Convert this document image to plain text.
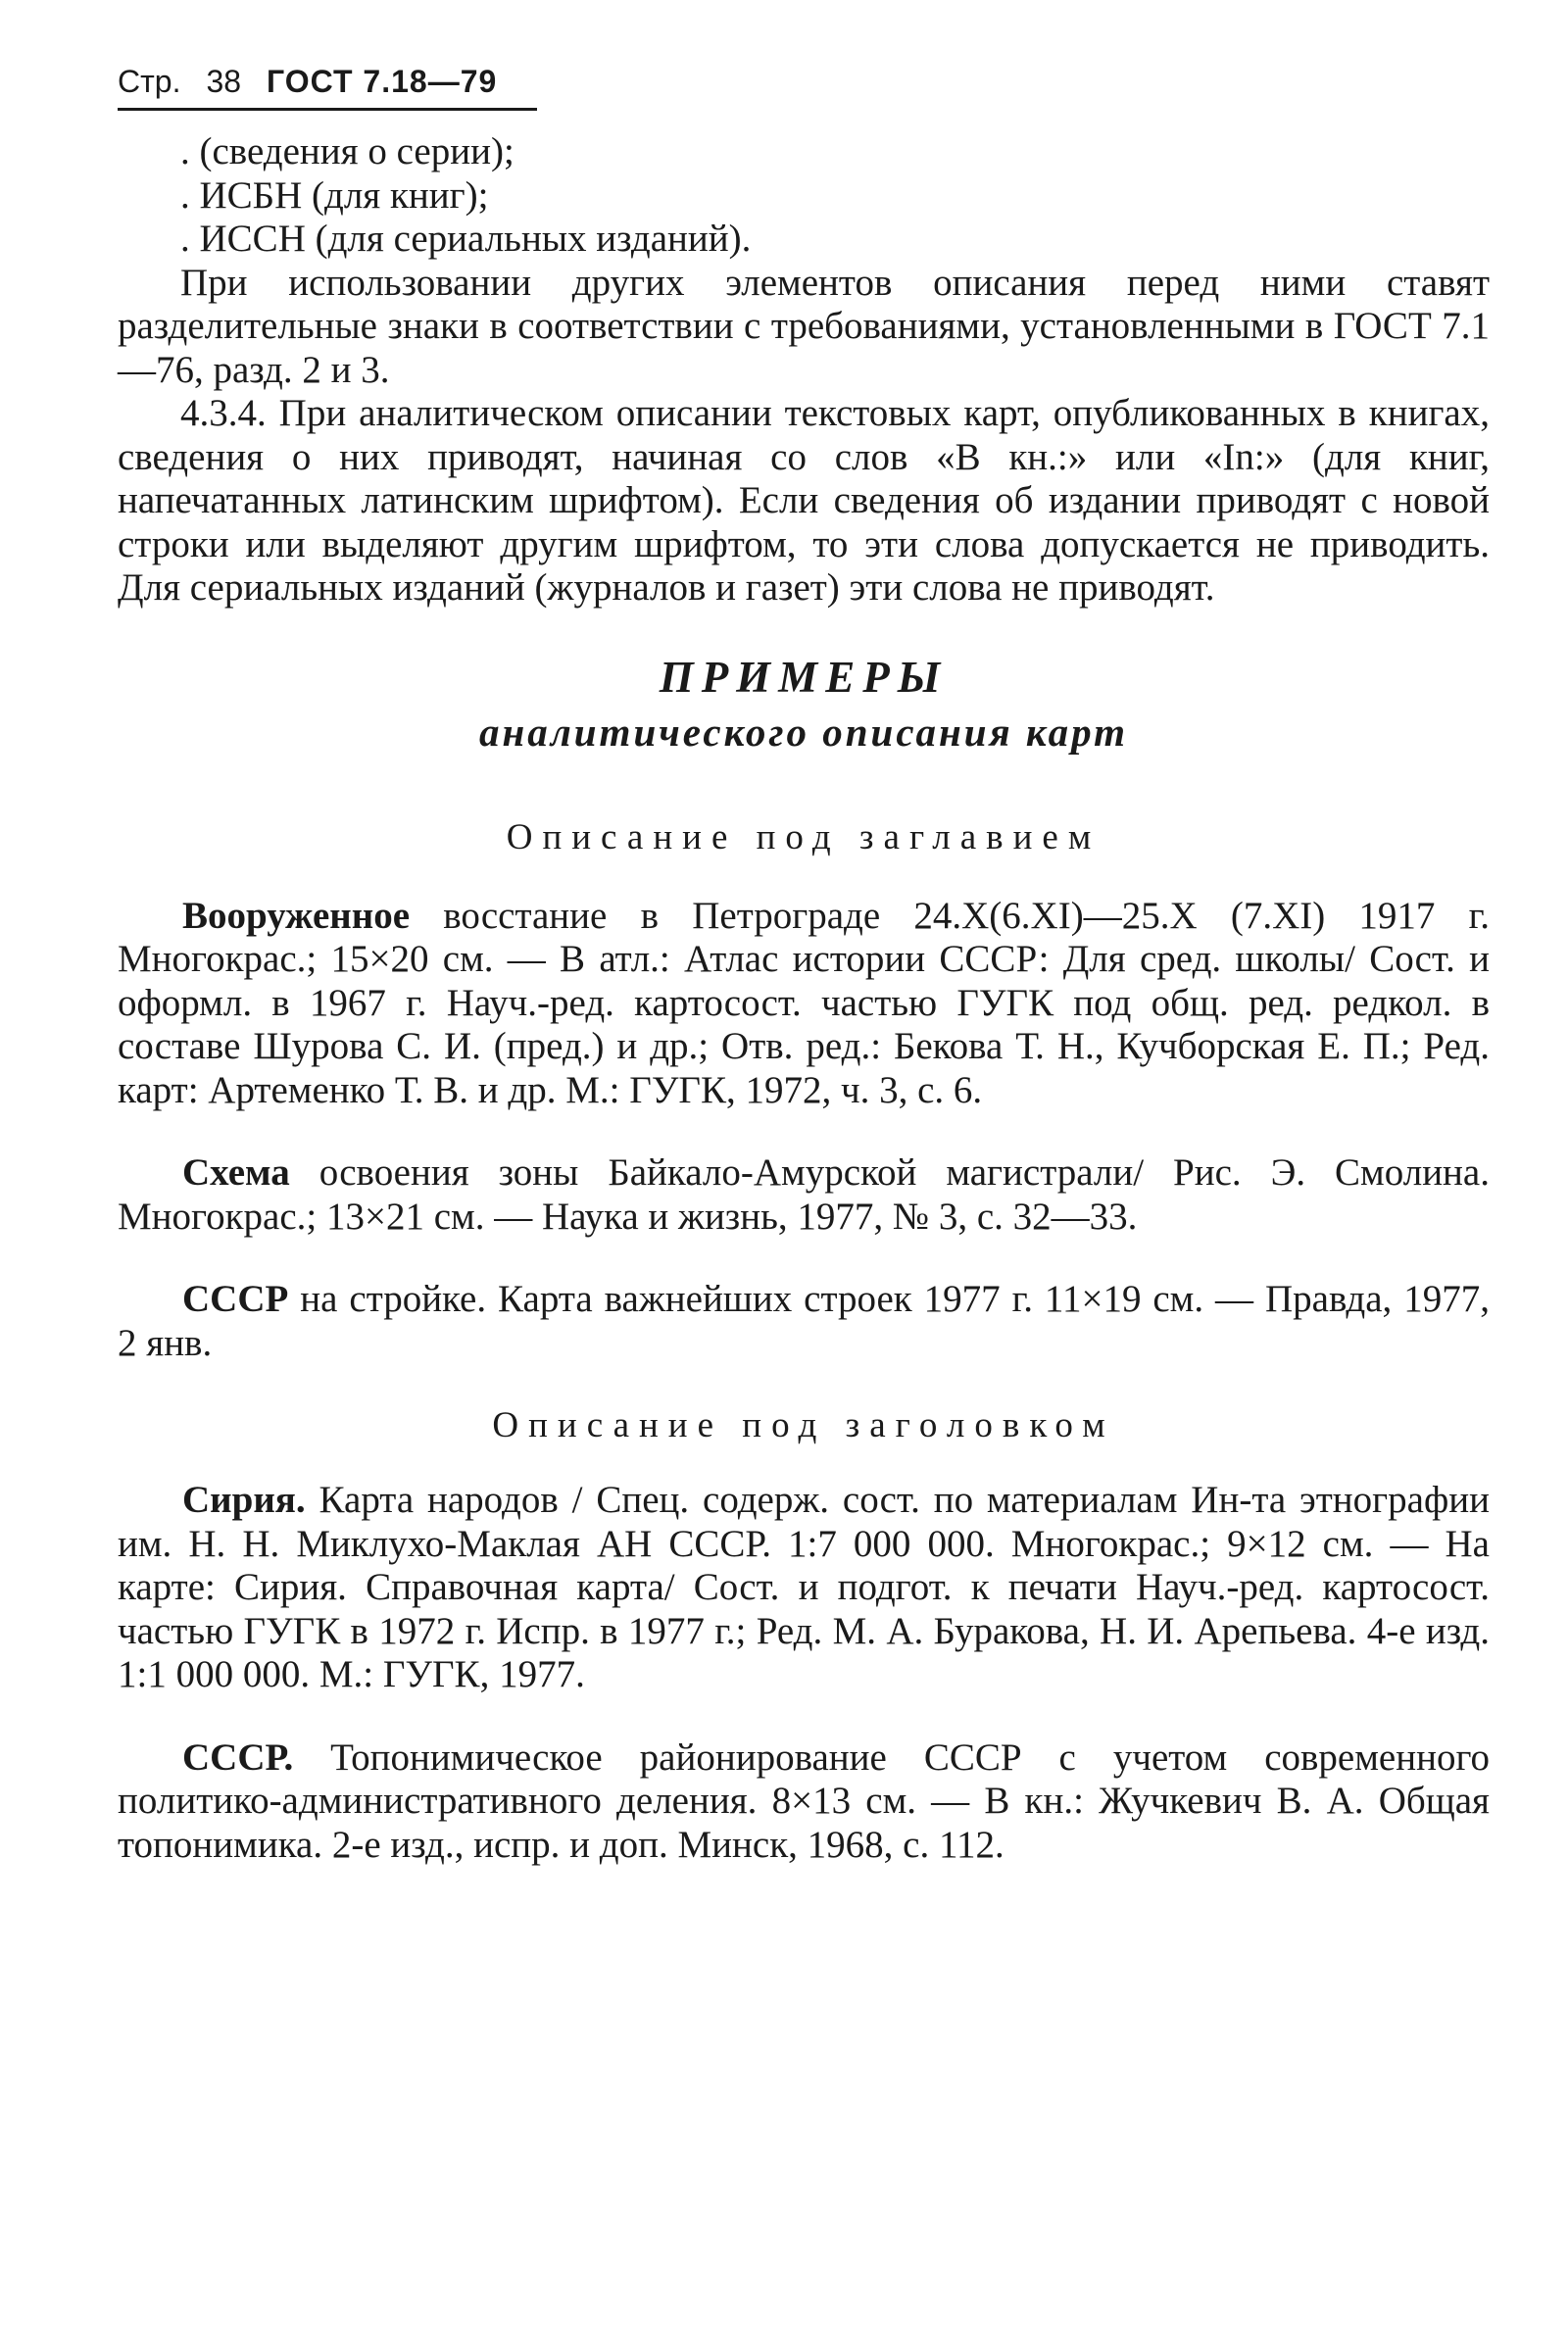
Стр. 38 ГОСТ 7.18—79

. (сведения о серии);

. ИСБН (для книг);

. ИССН (для сериальных изданий).

При использовании других элементов описания перед ними ставят разделительные знаки в соответствии с требованиями, установленными в ГОСТ 7.1—76, разд. 2 и 3.

4.3.4. При аналитическом описании текстовых карт, опубликованных в книгах, сведения о них приводят, начиная со слов «В кн.:» или «In:» (для книг, напечатанных латинским шрифтом). Если сведения об издании приводят с новой строки или выделяют другим шрифтом, то эти слова допускается не приводить. Для сериальных изданий (журналов и газет) эти слова не приводят.

ПРИМЕРЫ
аналитического описания карт
Описание под заглавием

Вооруженное восстание в Петрограде 24.X(6.XI)—25.X (7.XI) 1917 г. Многокрас.; 15×20 см. — В атл.: Атлас истории СССР: Для сред. школы/ Сост. и оформл. в 1967 г. Науч.-ред. картосост. частью ГУГК под общ. ред. редкол. в составе Шурова С. И. (пред.) и др.; Отв. ред.: Бекова Т. Н., Кучборская Е. П.; Ред. карт: Артеменко Т. В. и др. М.: ГУГК, 1972, ч. 3, с. 6.

Схема освоения зоны Байкало-Амурской магистрали/ Рис. Э. Смолина. Многокрас.; 13×21 см. — Наука и жизнь, 1977, № 3, с. 32—33.

СССР на стройке. Карта важнейших строек 1977 г. 11×19 см. — Правда, 1977, 2 янв.

Описание под заголовком

Сирия. Карта народов / Спец. содерж. сост. по материалам Ин-та этнографии им. Н. Н. Миклухо-Маклая АН СССР. 1:7 000 000. Многокрас.; 9×12 см. — На карте: Сирия. Справочная карта/ Сост. и подгот. к печати Науч.-ред. картосост. частью ГУГК в 1972 г. Испр. в 1977 г.; Ред. М. А. Буракова, Н. И. Арепьева. 4-е изд. 1:1 000 000. М.: ГУГК, 1977.

СССР. Топонимическое районирование СССР с учетом современного политико-административного деления. 8×13 см. — В кн.: Жучкевич В. А. Общая топонимика. 2-е изд., испр. и доп. Минск, 1968, с. 112.
